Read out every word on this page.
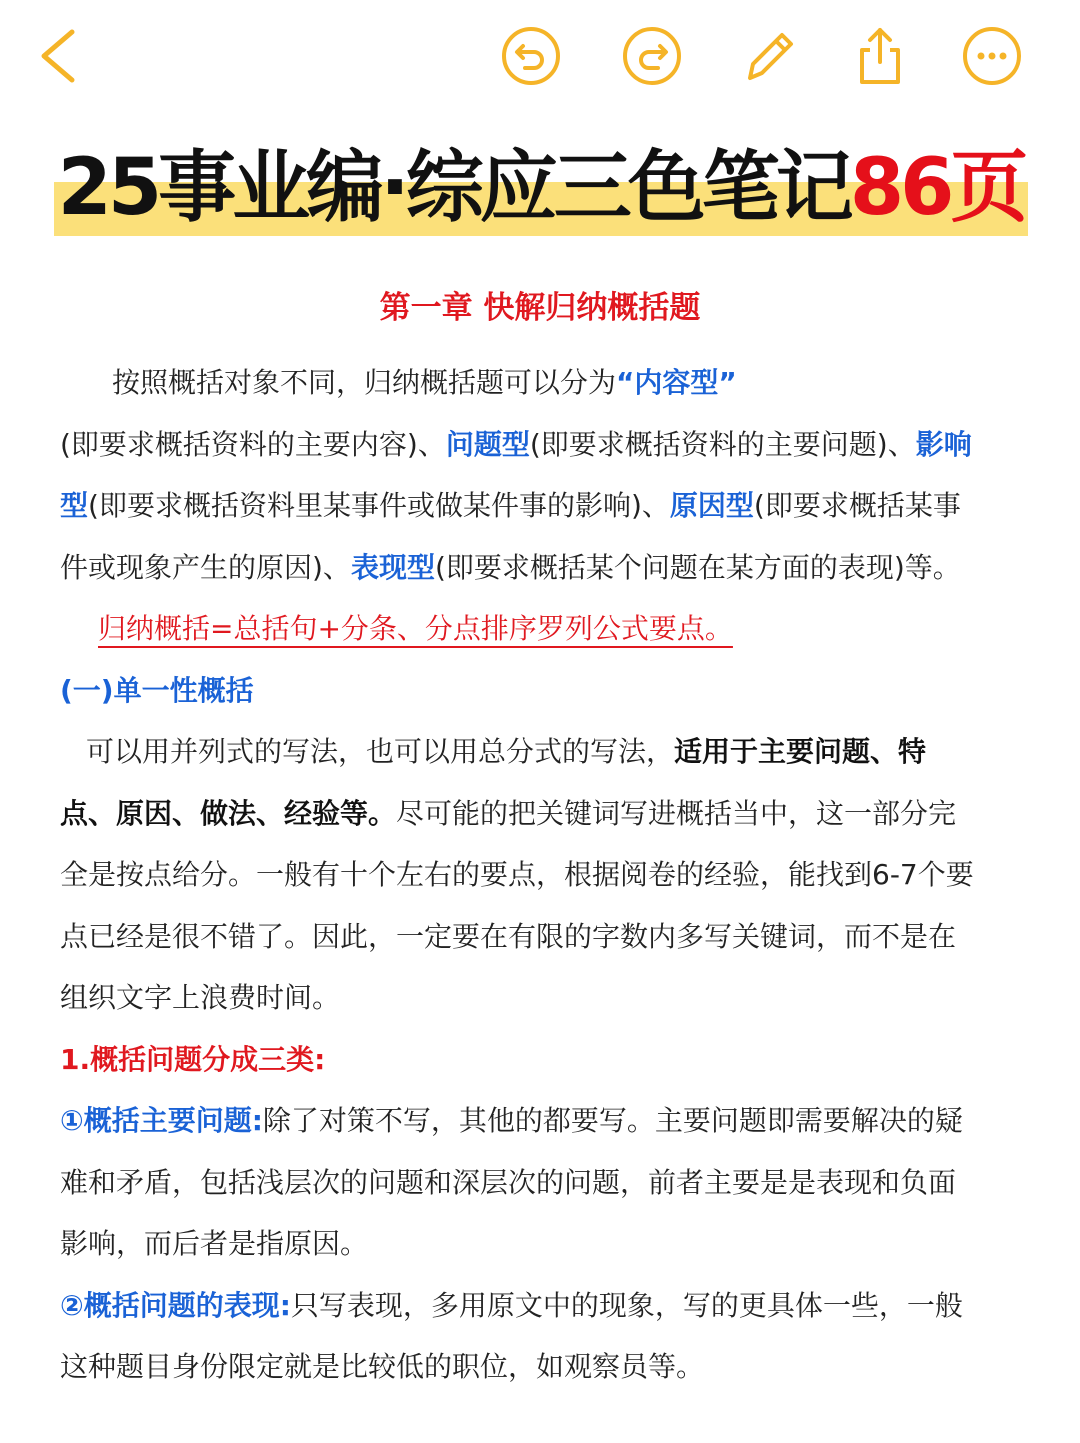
25事业编·综应三色笔记86页
第一章 快解归纳概括题

按照概括对象不同，归纳概括题可以分为“内容型”

(即要求概括资料的主要内容)、问题型(即要求概括资料的主要问题)、影响

型(即要求概括资料里某事件或做某件事的影响)、原因型(即要求概括某事

件或现象产生的原因)、表现型(即要求概括某个问题在某方面的表现)等。

归纳概括=总括句+分条、分点排序罗列公式要点。

(一)单一性概括

可以用并列式的写法，也可以用总分式的写法，适用于主要问题、特

点、原因、做法、经验等。尽可能的把关键词写进概括当中，这一部分完

全是按点给分。一般有十个左右的要点，根据阅卷的经验，能找到6-7个要

点已经是很不错了。因此，一定要在有限的字数内多写关键词，而不是在

组织文字上浪费时间。

1.概括问题分成三类:

①概括主要问题:除了对策不写，其他的都要写。主要问题即需要解决的疑

难和矛盾，包括浅层次的问题和深层次的问题，前者主要是是表现和负面

影响，而后者是指原因。

②概括问题的表现:只写表现，多用原文中的现象，写的更具体一些，一般

这种题目身份限定就是比较低的职位，如观察员等。
